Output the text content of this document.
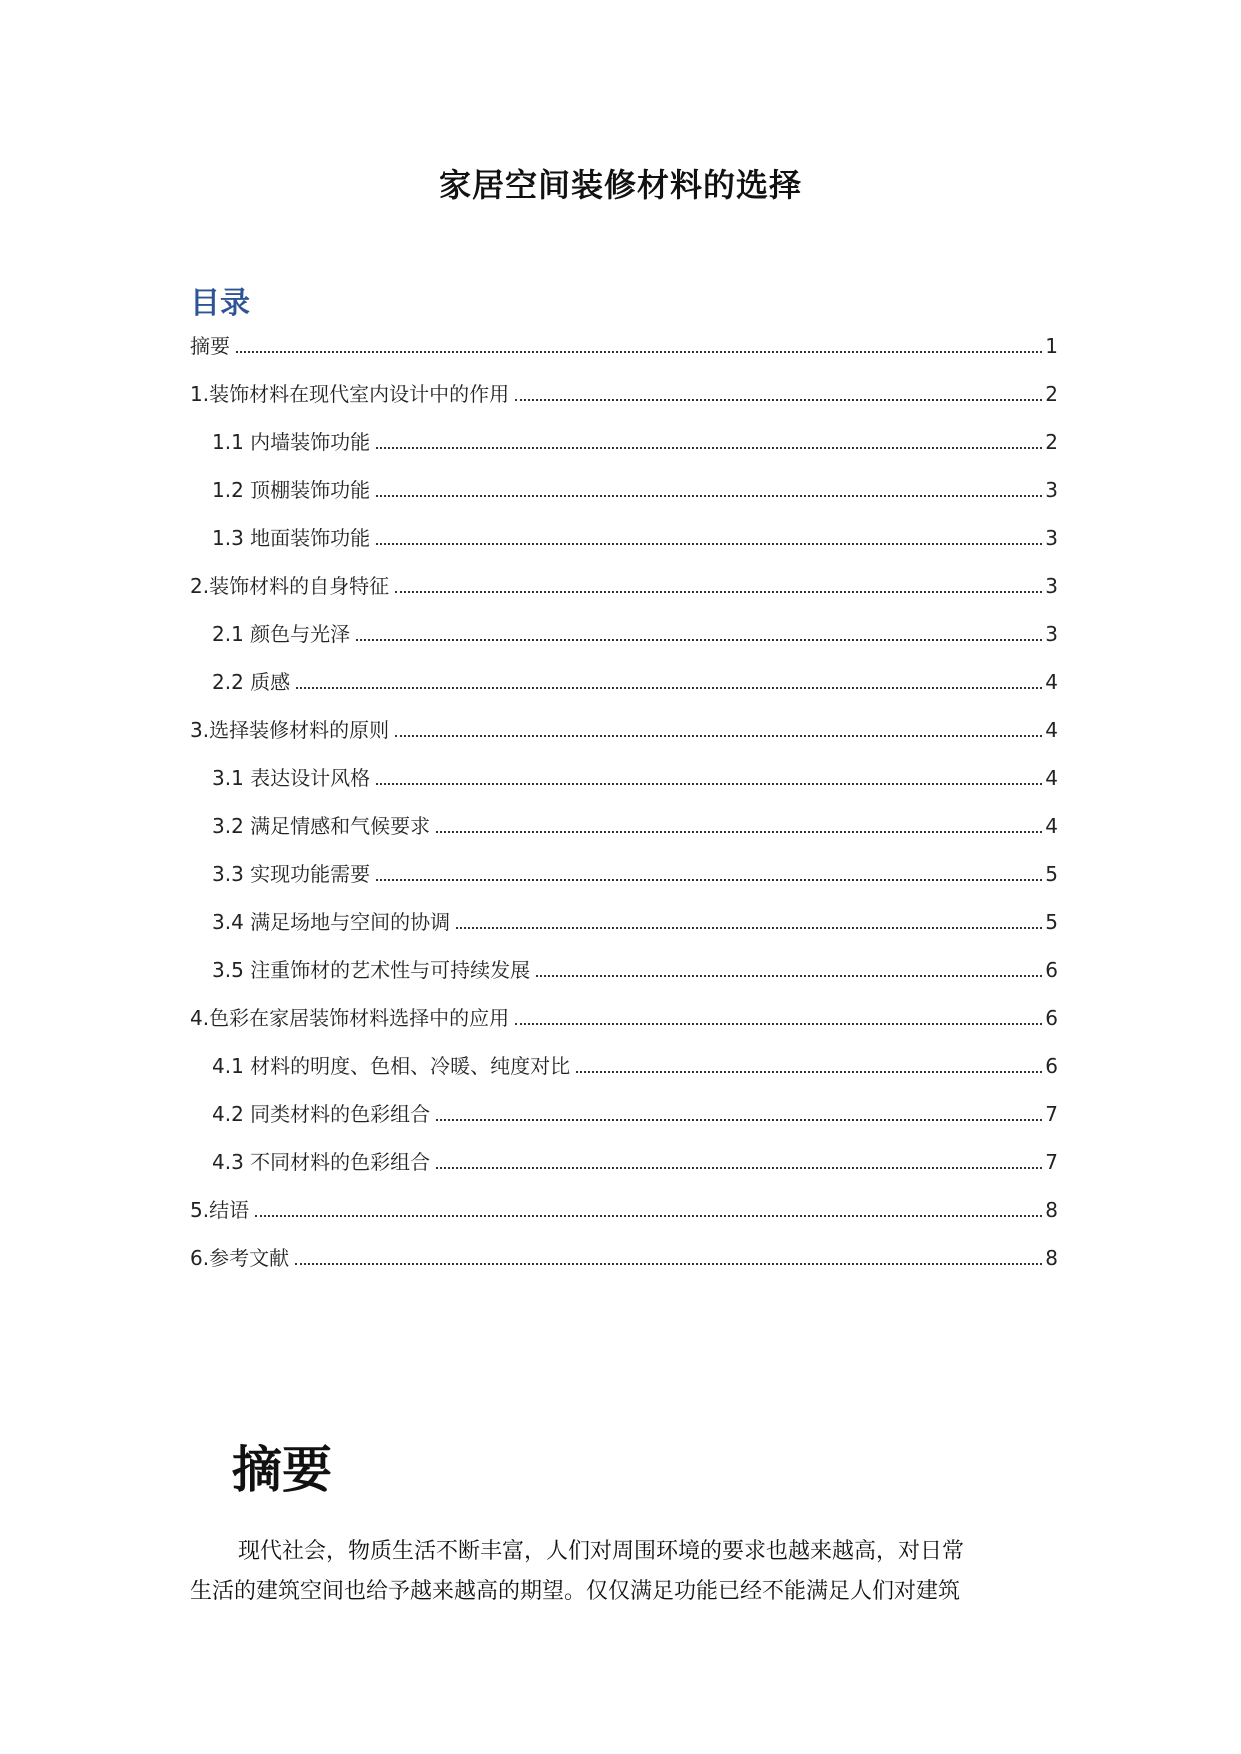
家居空间装修材料的选择
目录
摘要	1
1.装饰材料在现代室内设计中的作用	2
1.1 内墙装饰功能	2
1.2 顶棚装饰功能	3
1.3 地面装饰功能	3
2.装饰材料的自身特征	3
2.1 颜色与光泽	3
2.2 质感	4
3.选择装修材料的原则	4
3.1 表达设计风格	4
3.2 满足情感和气候要求	4
3.3 实现功能需要	5
3.4 满足场地与空间的协调	5
3.5 注重饰材的艺术性与可持续发展	6
4.色彩在家居装饰材料选择中的应用	6
4.1 材料的明度、色相、冷暖、纯度对比	6
4.2 同类材料的色彩组合	7
4.3 不同材料的色彩组合	7
5.结语	8
6.参考文献	8
摘要
现代社会，物质生活不断丰富，人们对周围环境的要求也越来越高，对日常
生活的建筑空间也给予越来越高的期望。仅仅满足功能已经不能满足人们对建筑
